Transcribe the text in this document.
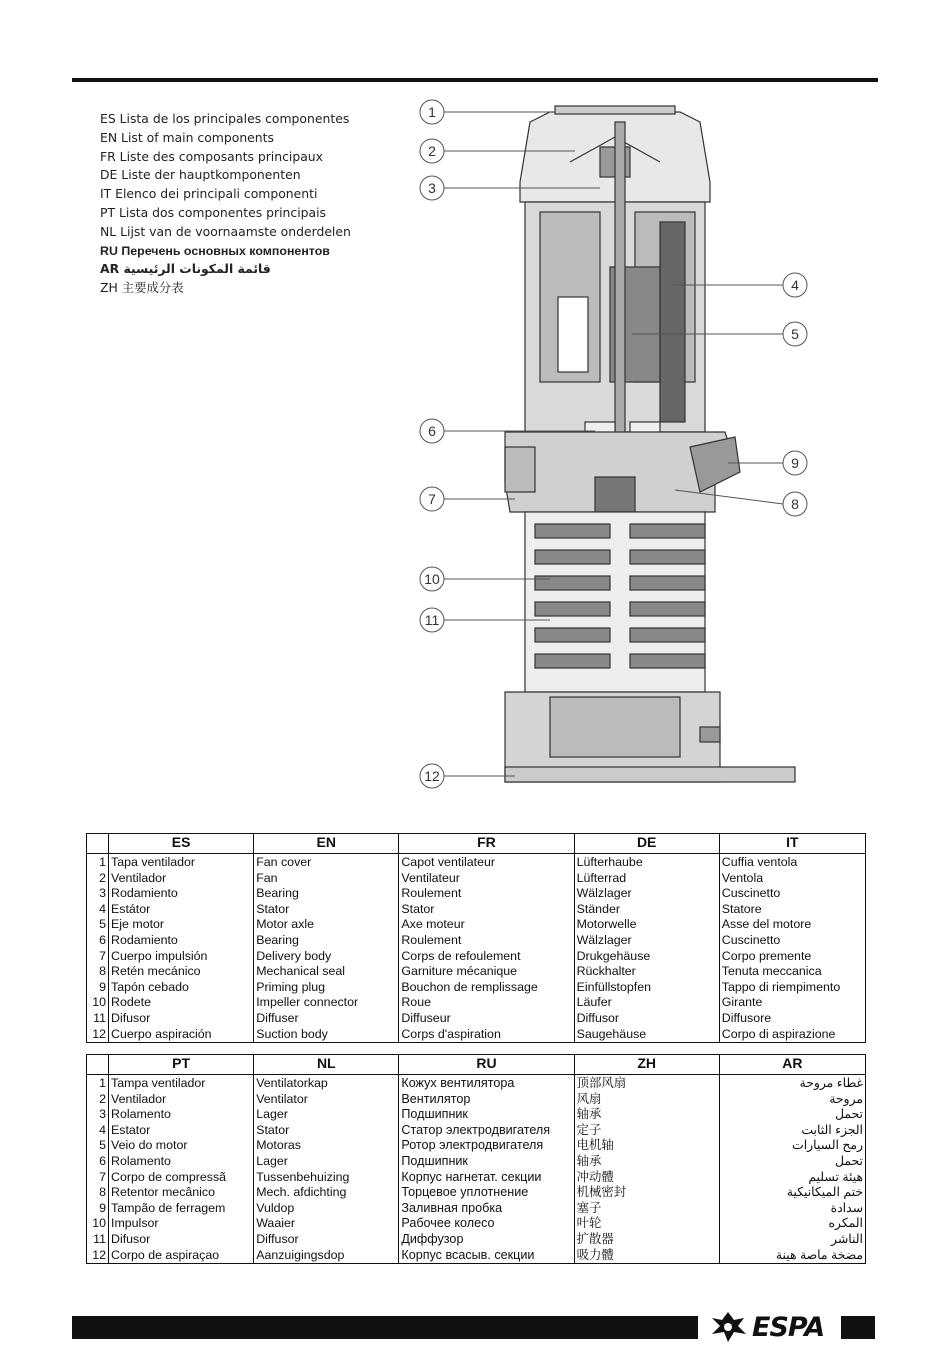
ES Lista de los principales componentes
EN List of main components
FR Liste des composants principaux
DE Liste der hauptkomponenten
IT Elenco dei principali componenti
PT Lista dos componentes principais
NL Lijst van de voornaamste onderdelen
RU Перечень основных компонентов
AR قائمة المكونات الرئيسية
ZH 主要成分表
1
2
3
4
5
6
7	8
9
10
11
12
	ES	EN	FR	DE	IT
1	Tapa ventilador	Fan cover	Capot ventilateur	Lüfterhaube	Cuffia ventola
2	Ventilador	Fan	Ventilateur	Lüfterrad	Ventola
3	Rodamiento	Bearing	Roulement	Wälzlager	Cuscinetto
4	Estátor	Stator	Stator	Ständer	Statore
5	Eje motor	Motor axle	Axe moteur	Motorwelle	Asse del motore
6	Rodamiento	Bearing	Roulement	Wälzlager	Cuscinetto
7	Cuerpo impulsión	Delivery body	Corps de refoulement	Drukgehäuse	Corpo premente
8	Retén mecánico	Mechanical seal	Garniture mécanique	Rückhalter	Tenuta meccanica
9	Tapón cebado	Priming plug	Bouchon de remplissage	Einfüllstopfen	Tappo di riempimento
10	Rodete	Impeller connector	Roue	Läufer	Girante
11	Difusor	Diffuser	Diffuseur	Diffusor	Diffusore
12	Cuerpo aspiración	Suction body	Corps d'aspiration	Saugehäuse	Corpo di aspirazione
	PT	NL	RU	ZH	AR
1	Tampa ventilador	Ventilatorkap	Кожух вентилятора	顶部风扇	غطاء مروحة
2	Ventilador	Ventilator	Вентилятор	风扇	مروحة
3	Rolamento	Lager	Подшипник	轴承	تحمل
4	Estator	Stator	Статор электродвигателя	定子	الجزء الثابت
5	Veio do motor	Motoras	Ротор электродвигателя	电机轴	رمح السيارات
6	Rolamento	Lager	Подшипник	轴承	تحمل
7	Corpo de compressã	Tussenbehuizing	Корпус нагнетат. секции	冲动體	هيئة تسليم
8	Retentor mecânico	Mech. afdichting	Торцевое уплотнение	机械密封	ختم الميكانيكية
9	Tampão de ferragem	Vuldop	Заливная пробка	塞子	سدادة
10	Impulsor	Waaier	Рабочее колесо	叶轮	المكره
11	Difusor	Diffusor	Диффузор	扩散器	الناشر
12	Corpo de aspiraçao	Aanzuigingsdop	Корпус всасыв. секции	吸力體	مضخة ماصة هينة
ESPA
